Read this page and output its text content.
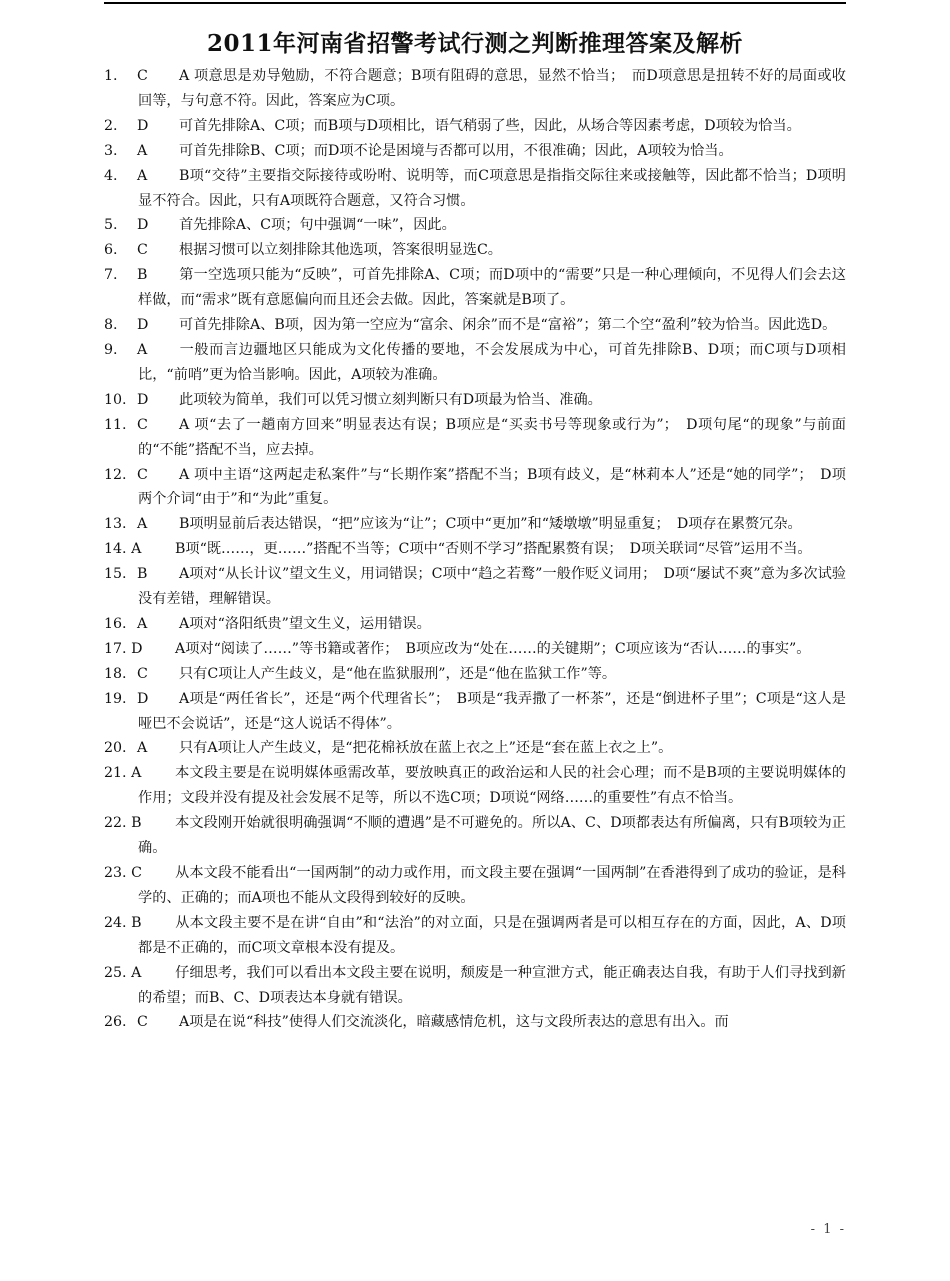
2011年河南省招警考试行测之判断推理答案及解析
1.	C A 项意思是劝导勉励，不符合题意；B项有阻碍的意思，显然不恰当；　而D项意思是扭转不好的局面或收回等，与句意不符。因此，答案应为C项。
2.	D 可首先排除A、C项；而B项与D项相比，语气稍弱了些，因此，从场合等因素考虑，D项较为恰当。
3.	A 可首先排除B、C项；而D项不论是困境与否都可以用，不很准确；因此，A项较为恰当。
4.	A B项“交待”主要指交际接待或吩咐、说明等，而C项意思是指指交际往来或接触等，因此都不恰当；D项明显不符合。因此，只有A项既符合题意，又符合习惯。
5.	D 首先排除A、C项；句中强调“一味”，因此。
6.	C 根据习惯可以立刻排除其他选项，答案很明显选C。
7.	B 第一空选项只能为“反映”，可首先排除A、C项；而D项中的“需要”只是一种心理倾向，不见得人们会去这样做，而“需求”既有意愿偏向而且还会去做。因此，答案就是B项了。
8.	D 可首先排除A、B项，因为第一空应为“富余、闲余”而不是“富裕”；第二个空“盈利”较为恰当。因此选D。
9.	A 一般而言边疆地区只能成为文化传播的要地，不会发展成为中心，可首先排除B、D项；而C项与D项相比，“前哨”更为恰当影响。因此，A项较为准确。
10. D 此项较为简单，我们可以凭习惯立刻判断只有D项最为恰当、准确。
11. C A 项“去了一趟南方回来”明显表达有误；B项应是“买卖书号等现象或行为”；　D项句尾“的现象”与前面的“不能”搭配不当，应去掉。
12. C A 项中主语“这两起走私案件”与“长期作案”搭配不当；B项有歧义，是“林莉本人”还是“她的同学”；　D项两个介词“由于”和“为此”重复。
13. A B项明显前后表达错误，“把”应该为“让”；C项中“更加”和“矮墩墩”明显重复；　D项存在累赘冗杂。
14. A B项“既……，更……”搭配不当等；C项中“否则不学习”搭配累赘有误；　D项关联词“尽管”运用不当。
15. B A项对“从长计议”望文生义，用词错误；C项中“趋之若鹜”一般作贬义词用；　D项“屡试不爽”意为多次试验没有差错，理解错误。
16. A A项对“洛阳纸贵”望文生义，运用错误。
17. D A项对“阅读了……”等书籍或著作；　B项应改为“处在……的关键期”；C项应该为“否认……的事实”。
18. C 只有C项让人产生歧义，是“他在监狱服刑”，还是“他在监狱工作”等。
19. D A项是“两任省长”，还是“两个代理省长”；　B项是“我弄撒了一杯茶”，还是“倒进杯子里”；C项是“这人是哑巴不会说话”，还是“这人说话不得体”。
20. A 只有A项让人产生歧义，是“把花棉袄放在蓝上衣之上”还是“套在蓝上衣之上”。
21. A 本文段主要是在说明媒体亟需改革，要放映真正的政治运和人民的社会心理；而不是B项的主要说明媒体的作用；文段并没有提及社会发展不足等，所以不选C项；D项说“网络……的重要性”有点不恰当。
22. B 本文段刚开始就很明确强调“不顺的遭遇”是不可避免的。所以A、C、D项都表达有所偏离，只有B项较为正确。
23. C 从本文段不能看出“一国两制”的动力或作用，而文段主要在强调“一国两制”在香港得到了成功的验证，是科学的、正确的；而A项也不能从文段得到较好的反映。
24. B 从本文段主要不是在讲“自由”和“法治”的对立面，只是在强调两者是可以相互存在的方面，因此，A、D项都是不正确的，而C项文章根本没有提及。
25. A 仔细思考，我们可以看出本文段主要在说明，颓废是一种宣泄方式，能正确表达自我，有助于人们寻找到新的希望；而B、C、D项表达本身就有错误。
26. C A项是在说“科技”使得人们交流淡化，暗藏感情危机，这与文段所表达的意思有出入。而
- 1 -
